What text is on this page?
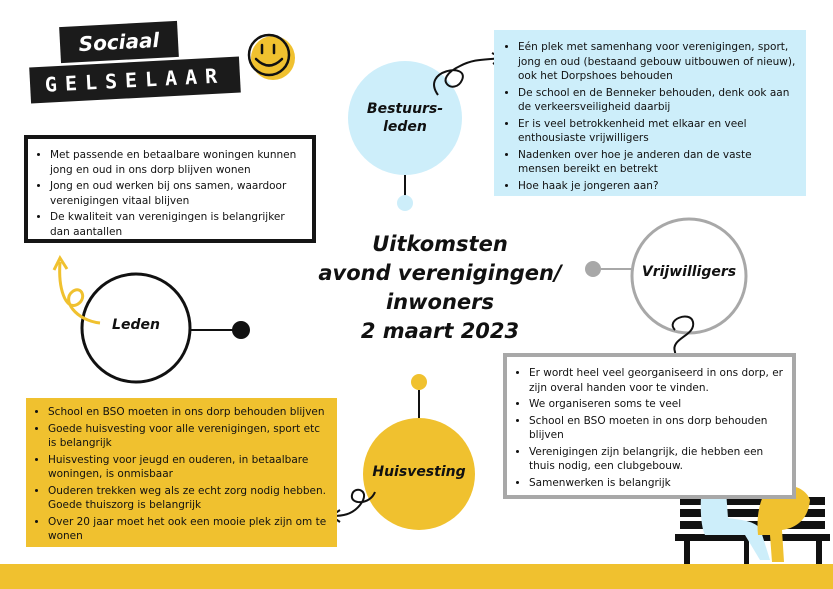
Sociaal
GELSELAAR
Bestuurs-
leden
Vrijwilligers
Leden
Huisvesting
Uitkomsten
avond verenigingen/
inwoners
2 maart 2023
• Eén plek met samenhang voor verenigingen, sport, jong en oud (bestaand gebouw uitbouwen of nieuw), ook het Dorpshoes behouden
• De school en de Benneker behouden, denk ook aan de verkeersveiligheid daarbij
• Er is veel betrokkenheid met elkaar en veel enthousiaste vrijwilligers
• Nadenken over hoe je anderen dan de vaste mensen bereikt en betrekt
• Hoe haak je jongeren aan?
• Met passende en betaalbare woningen kunnen jong en oud in ons dorp blijven wonen
• Jong en oud werken bij ons samen, waardoor verenigingen vitaal blijven
• De kwaliteit van verenigingen is belangrijker dan aantallen
• School en BSO moeten in ons dorp behouden blijven
• Goede huisvesting voor alle verenigingen, sport etc is belangrijk
• Huisvesting voor jeugd en ouderen, in betaalbare woningen, is onmisbaar
• Ouderen trekken weg als ze echt zorg nodig hebben. Goede thuiszorg is belangrijk
• Over 20 jaar moet het ook een mooie plek zijn om te wonen
• Er wordt heel veel georganiseerd in ons dorp, er zijn overal handen voor te vinden.
• We organiseren soms te veel
• School en BSO moeten in ons dorp behouden blijven
• Verenigingen zijn belangrijk, die hebben een thuis nodig, een clubgebouw.
• Samenwerken is belangrijk
